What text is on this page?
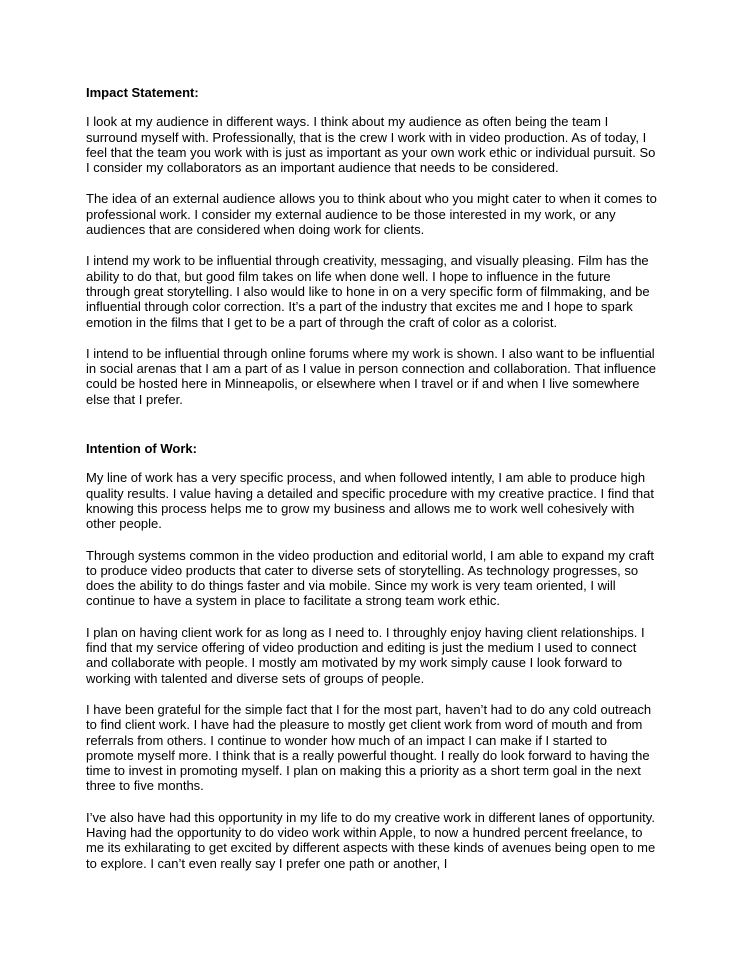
Impact Statement:

I look at my audience in different ways. I think about my audience as often being the team I surround myself with. Professionally, that is the crew I work with in video production. As of today, I feel that the team you work with is just as important as your own work ethic or individual pursuit. So I consider my collaborators as an important audience that needs to be considered.

The idea of an external audience allows you to think about who you might cater to when it comes to professional work. I consider my external audience to be those interested in my work, or any audiences that are considered when doing work for clients.

I intend my work to be influential through creativity, messaging, and visually pleasing. Film has the ability to do that, but good film takes on life when done well. I hope to influence in the future through great storytelling. I also would like to hone in on a very specific form of filmmaking, and be influential through color correction. It’s a part of the industry that excites me and I hope to spark emotion in the films that I get to be a part of through the craft of color as a colorist.

I intend to be influential through online forums where my work is shown. I also want to be influential in social arenas that I am a part of as I value in person connection and collaboration. That influence could be hosted here in Minneapolis, or elsewhere when I travel or if and when I live somewhere else that I prefer.

Intention of Work:

My line of work has a very specific process, and when followed intently, I am able to produce high quality results. I value having a detailed and specific procedure with my creative practice. I find that knowing this process helps me to grow my business and allows me to work well cohesively with other people.

Through systems common in the video production and editorial world, I am able to expand my craft to produce video products that cater to diverse sets of storytelling. As technology progresses, so does the ability to do things faster and via mobile. Since my work is very team oriented, I will continue to have a system in place to facilitate a strong team work ethic.

I plan on having client work for as long as I need to. I throughly enjoy having client relationships. I find that my service offering of video production and editing is just the medium I used to connect and collaborate with people. I mostly am motivated by my work simply cause I look forward to working with talented and diverse sets of groups of people.

I have been grateful for the simple fact that I for the most part, haven’t had to do any cold outreach to find client work. I have had the pleasure to mostly get client work from word of mouth and from referrals from others. I continue to wonder how much of an impact I can make if I started to promote myself more. I think that is a really powerful thought. I really do look forward to having the time to invest in promoting myself. I plan on making this a priority as a short term goal in the next three to five months.

I’ve also have had this opportunity in my life to do my creative work in different lanes of opportunity. Having had the opportunity to do video work within Apple, to now a hundred percent freelance, to me its exhilarating to get excited by different aspects with these kinds of avenues being open to me to explore. I can’t even really say I prefer one path or another, I
